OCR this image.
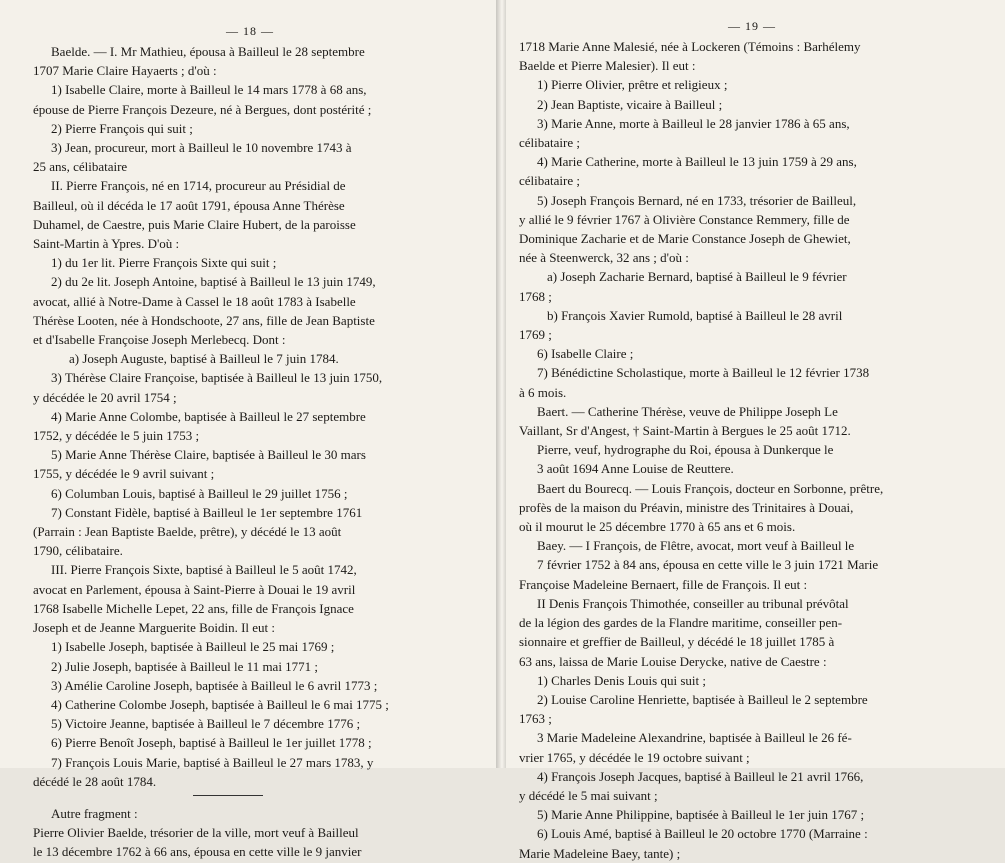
— 18 —

Baelde. — I. Mr Mathieu, épousa à Bailleul le 28 septembre

1707 Marie Claire Hayaerts ; d'où :

1) Isabelle Claire, morte à Bailleul le 14 mars 1778 à 68 ans,

épouse de Pierre François Dezeure, né à Bergues, dont postérité ;

2) Pierre François qui suit ;

3) Jean, procureur, mort à Bailleul le 10 novembre 1743 à

25 ans, célibataire

II. Pierre François, né en 1714, procureur au Présidial de

Bailleul, où il décéda le 17 août 1791, épousa Anne Thérèse

Duhamel, de Caestre, puis Marie Claire Hubert, de la paroisse

Saint-Martin à Ypres. D'où :

1) du 1er lit. Pierre François Sixte qui suit ;

2) du 2e lit. Joseph Antoine, baptisé à Bailleul le 13 juin 1749,

avocat, allié à Notre-Dame à Cassel le 18 août 1783 à Isabelle

Thérèse Looten, née à Hondschoote, 27 ans, fille de Jean Baptiste

et d'Isabelle Françoise Joseph Merlebecq. Dont :

a) Joseph Auguste, baptisé à Bailleul le 7 juin 1784.

3) Thérèse Claire Françoise, baptisée à Bailleul le 13 juin 1750,

y décédée le 20 avril 1754 ;

4) Marie Anne Colombe, baptisée à Bailleul le 27 septembre

1752, y décédée le 5 juin 1753 ;

5) Marie Anne Thérèse Claire, baptisée à Bailleul le 30 mars

1755, y décédée le 9 avril suivant ;

6) Columban Louis, baptisé à Bailleul le 29 juillet 1756 ;

7) Constant Fidèle, baptisé à Bailleul le 1er septembre 1761

(Parrain : Jean Baptiste Baelde, prêtre), y décédé le 13 août

1790, célibataire.

III. Pierre François Sixte, baptisé à Bailleul le 5 août 1742,

avocat en Parlement, épousa à Saint-Pierre à Douai le 19 avril

1768 Isabelle Michelle Lepet, 22 ans, fille de François Ignace

Joseph et de Jeanne Marguerite Boidin. Il eut :

1) Isabelle Joseph, baptisée à Bailleul le 25 mai 1769 ;

2) Julie Joseph, baptisée à Bailleul le 11 mai 1771 ;

3) Amélie Caroline Joseph, baptisée à Bailleul le 6 avril 1773 ;

4) Catherine Colombe Joseph, baptisée à Bailleul le 6 mai 1775 ;

5) Victoire Jeanne, baptisée à Bailleul le 7 décembre 1776 ;

6) Pierre Benoît Joseph, baptisé à Bailleul le 1er juillet 1778 ;

7) François Louis Marie, baptisé à Bailleul le 27 mars 1783, y

décédé le 28 août 1784.

Autre fragment :

Pierre Olivier Baelde, trésorier de la ville, mort veuf à Bailleul

le 13 décembre 1762 à 66 ans, épousa en cette ville le 9 janvier

— 19 —

1718 Marie Anne Malesié, née à Lockeren (Témoins : Barhélemy

Baelde et Pierre Malesier). Il eut :

1) Pierre Olivier, prêtre et religieux ;

2) Jean Baptiste, vicaire à Bailleul ;

3) Marie Anne, morte à Bailleul le 28 janvier 1786 à 65 ans,

célibataire ;

4) Marie Catherine, morte à Bailleul le 13 juin 1759 à 29 ans,

célibataire ;

5) Joseph François Bernard, né en 1733, trésorier de Bailleul,

y allié le 9 février 1767 à Olivière Constance Remmery, fille de

Dominique Zacharie et de Marie Constance Joseph de Ghewiet,

née à Steenwerck, 32 ans ; d'où :

a) Joseph Zacharie Bernard, baptisé à Bailleul le 9 février

1768 ;

b) François Xavier Rumold, baptisé à Bailleul le 28 avril

1769 ;

6) Isabelle Claire ;

7) Bénédictine Scholastique, morte à Bailleul le 12 février 1738

à 6 mois.

Baert. — Catherine Thérèse, veuve de Philippe Joseph Le

Vaillant, Sr d'Angest, † Saint-Martin à Bergues le 25 août 1712.

Pierre, veuf, hydrographe du Roi, épousa à Dunkerque le

3 août 1694 Anne Louise de Reuttere.

Baert du Bourecq. — Louis François, docteur en Sorbonne, prêtre,

profès de la maison du Préavin, ministre des Trinitaires à Douai,

où il mourut le 25 décembre 1770 à 65 ans et 6 mois.

Baey. — I François, de Flêtre, avocat, mort veuf à Bailleul le

7 février 1752 à 84 ans, épousa en cette ville le 3 juin 1721 Marie

Françoise Madeleine Bernaert, fille de François. Il eut :

II Denis François Thimothée, conseiller au tribunal prévôtal

de la légion des gardes de la Flandre maritime, conseiller pen-

sionnaire et greffier de Bailleul, y décédé le 18 juillet 1785 à

63 ans, laissa de Marie Louise Derycke, native de Caestre :

1) Charles Denis Louis qui suit ;

2) Louise Caroline Henriette, baptisée à Bailleul le 2 septembre

1763 ;

3 Marie Madeleine Alexandrine, baptisée à Bailleul le 26 fé-

vrier 1765, y décédée le 19 octobre suivant ;

4) François Joseph Jacques, baptisé à Bailleul le 21 avril 1766,

y décédé le 5 mai suivant ;

5) Marie Anne Philippine, baptisée à Bailleul le 1er juin 1767 ;

6) Louis Amé, baptisé à Bailleul le 20 octobre 1770 (Marraine :

Marie Madeleine Baey, tante) ;
